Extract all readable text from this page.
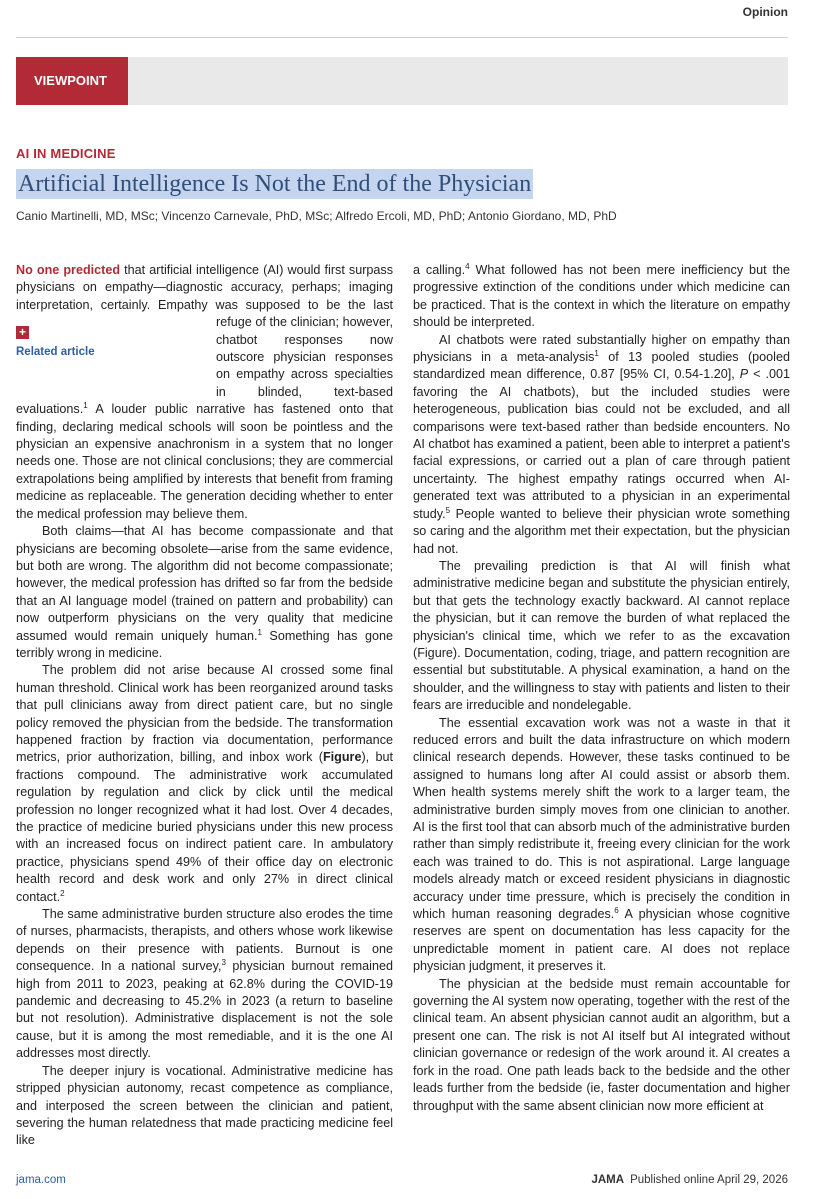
Opinion
VIEWPOINT
AI IN MEDICINE
Artificial Intelligence Is Not the End of the Physician
Canio Martinelli, MD, MSc; Vincenzo Carnevale, PhD, MSc; Alfredo Ercoli, MD, PhD; Antonio Giordano, MD, PhD

No one predicted that artificial intelligence (AI) would first surpass physicians on empathy—diagnostic accuracy, perhaps; imaging interpretation, certainly. Empathy was supposed to be the last ref
+
Related article
uge of the clinician; however, chatbot responses now outscore physician responses on empathy across specialties in blinded, text-based evaluations.$^1$ A louder public narrative has fastened onto that finding, declaring medical schools will soon be pointless and the physician an expensive anachronism in a system that no longer needs one. Those are not clinical conclusions; they are commercial extrapolations being amplified by interests that benefit from framing medicine as replaceable. The generation deciding whether to enter the medical profession may believe them.

Both claims—that AI has become compassionate and that physicians are becoming obsolete—arise from the same evidence, but both are wrong. The algorithm did not become compassionate; however, the medical profession has drifted so far from the bedside that an AI language model (trained on pattern and probability) can now outperform physicians on the very quality that medicine assumed would remain uniquely human.$^1$ Something has gone terribly wrong in medicine.

The problem did not arise because AI crossed some final human threshold. Clinical work has been reorganized around tasks that pull clinicians away from direct patient care, but no single policy removed the physician from the bedside. The transformation happened fraction by fraction via documentation, performance metrics, prior authorization, billing, and inbox work (Figure), but fractions compound. The administrative work accumulated regulation by regulation and click by click until the medical profession no longer recognized what it had lost. Over 4 decades, the practice of medicine buried physicians under this new process with an increased focus on indirect patient care. In ambulatory practice, physicians spend 49% of their office day on electronic health record and desk work and only 27% in direct clinical contact.$^2$

The same administrative burden structure also erodes the time of nurses, pharmacists, therapists, and others whose work likewise depends on their presence with patients. Burnout is one consequence. In a national survey,$^3$ physician burnout remained high from 2011 to 2023, peaking at 62.8% during the COVID-19 pandemic and decreasing to 45.2% in 2023 (a return to baseline but not resolution). Administrative displacement is not the sole cause, but it is among the most remediable, and it is the one AI addresses most directly.

The deeper injury is vocational. Administrative medicine has stripped physician autonomy, recast competence as compliance, and interposed the screen between the clinician and patient, severing the human relatedness that made practicing medicine feel like

a calling.$^4$ What followed has not been mere inefficiency but the progressive extinction of the conditions under which medicine can be practiced. That is the context in which the literature on empathy should be interpreted.

AI chatbots were rated substantially higher on empathy than physicians in a meta-analysis$^1$ of 13 pooled studies (pooled standardized mean difference, 0.87 [95% CI, 0.54-1.20], P < .001 favoring the AI chatbots), but the included studies were heterogeneous, publication bias could not be excluded, and all comparisons were text-based rather than bedside encounters. No AI chatbot has examined a patient, been able to interpret a patient's facial expressions, or carried out a plan of care through patient uncertainty. The highest empathy ratings occurred when AI-generated text was attributed to a physician in an experimental study.$^5$ People wanted to believe their physician wrote something so caring and the algorithm met their expectation, but the physician had not.

The prevailing prediction is that AI will finish what administrative medicine began and substitute the physician entirely, but that gets the technology exactly backward. AI cannot replace the physician, but it can remove the burden of what replaced the physician's clinical time, which we refer to as the excavation (Figure). Documentation, coding, triage, and pattern recognition are essential but substitutable. A physical examination, a hand on the shoulder, and the willingness to stay with patients and listen to their fears are irreducible and nondelegable.

The essential excavation work was not a waste in that it reduced errors and built the data infrastructure on which modern clinical research depends. However, these tasks continued to be assigned to humans long after AI could assist or absorb them. When health systems merely shift the work to a larger team, the administrative burden simply moves from one clinician to another. AI is the first tool that can absorb much of the administrative burden rather than simply redistribute it, freeing every clinician for the work each was trained to do. This is not aspirational. Large language models already match or exceed resident physicians in diagnostic accuracy under time pressure, which is precisely the condition in which human reasoning degrades.$^6$ A physician whose cognitive reserves are spent on documentation has less capacity for the unpredictable moment in patient care. AI does not replace physician judgment, it preserves it.

The physician at the bedside must remain accountable for governing the AI system now operating, together with the rest of the clinical team. An absent physician cannot audit an algorithm, but a present one can. The risk is not AI itself but AI integrated without clinician governance or redesign of the work around it. AI creates a fork in the road. One path leads back to the bedside and the other leads further from the bedside (ie, faster documentation and higher throughput with the same absent clinician now more efficient at

jama.com	JAMA Published online April 29, 2026
